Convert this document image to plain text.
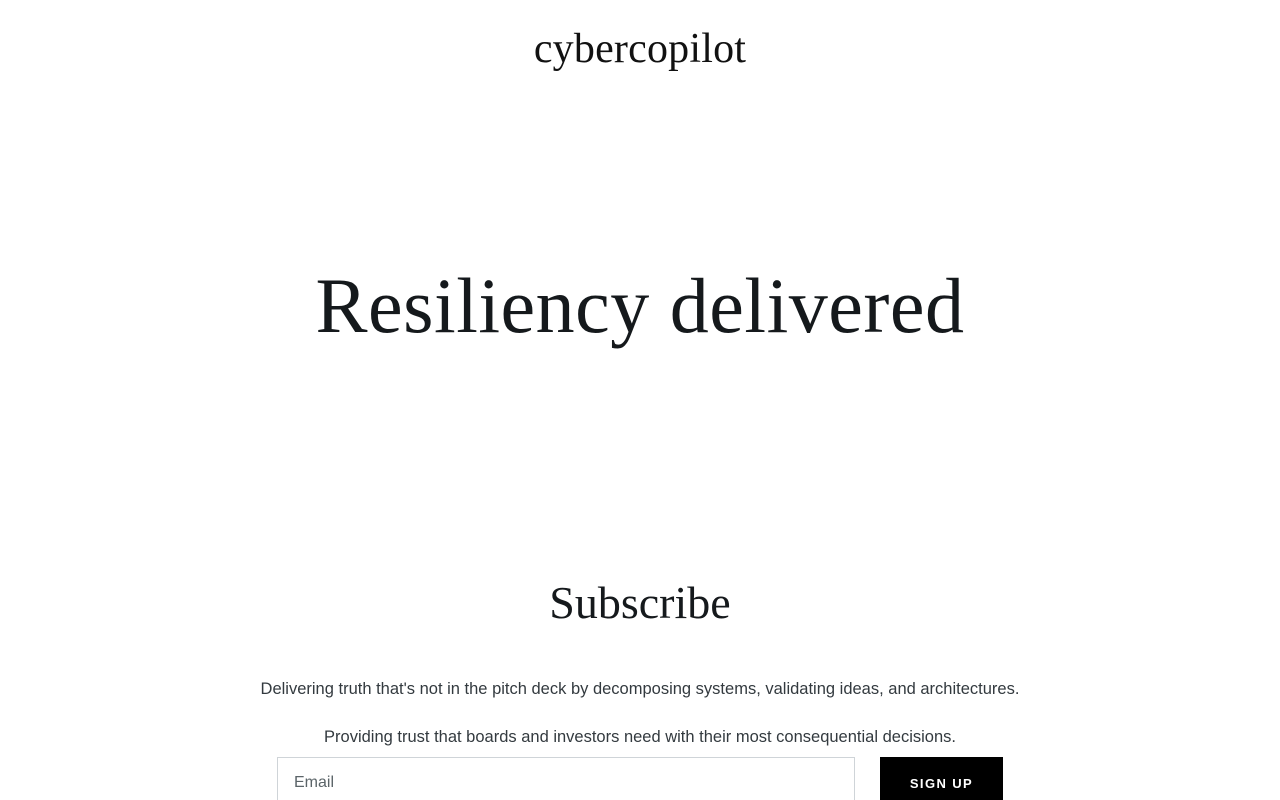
cybercopilot
Resiliency delivered
Subscribe
Delivering truth that's not in the pitch deck by decomposing systems, validating ideas, and architectures.
Providing trust that boards and investors need with their most consequential decisions.
Email
SIGN UP
